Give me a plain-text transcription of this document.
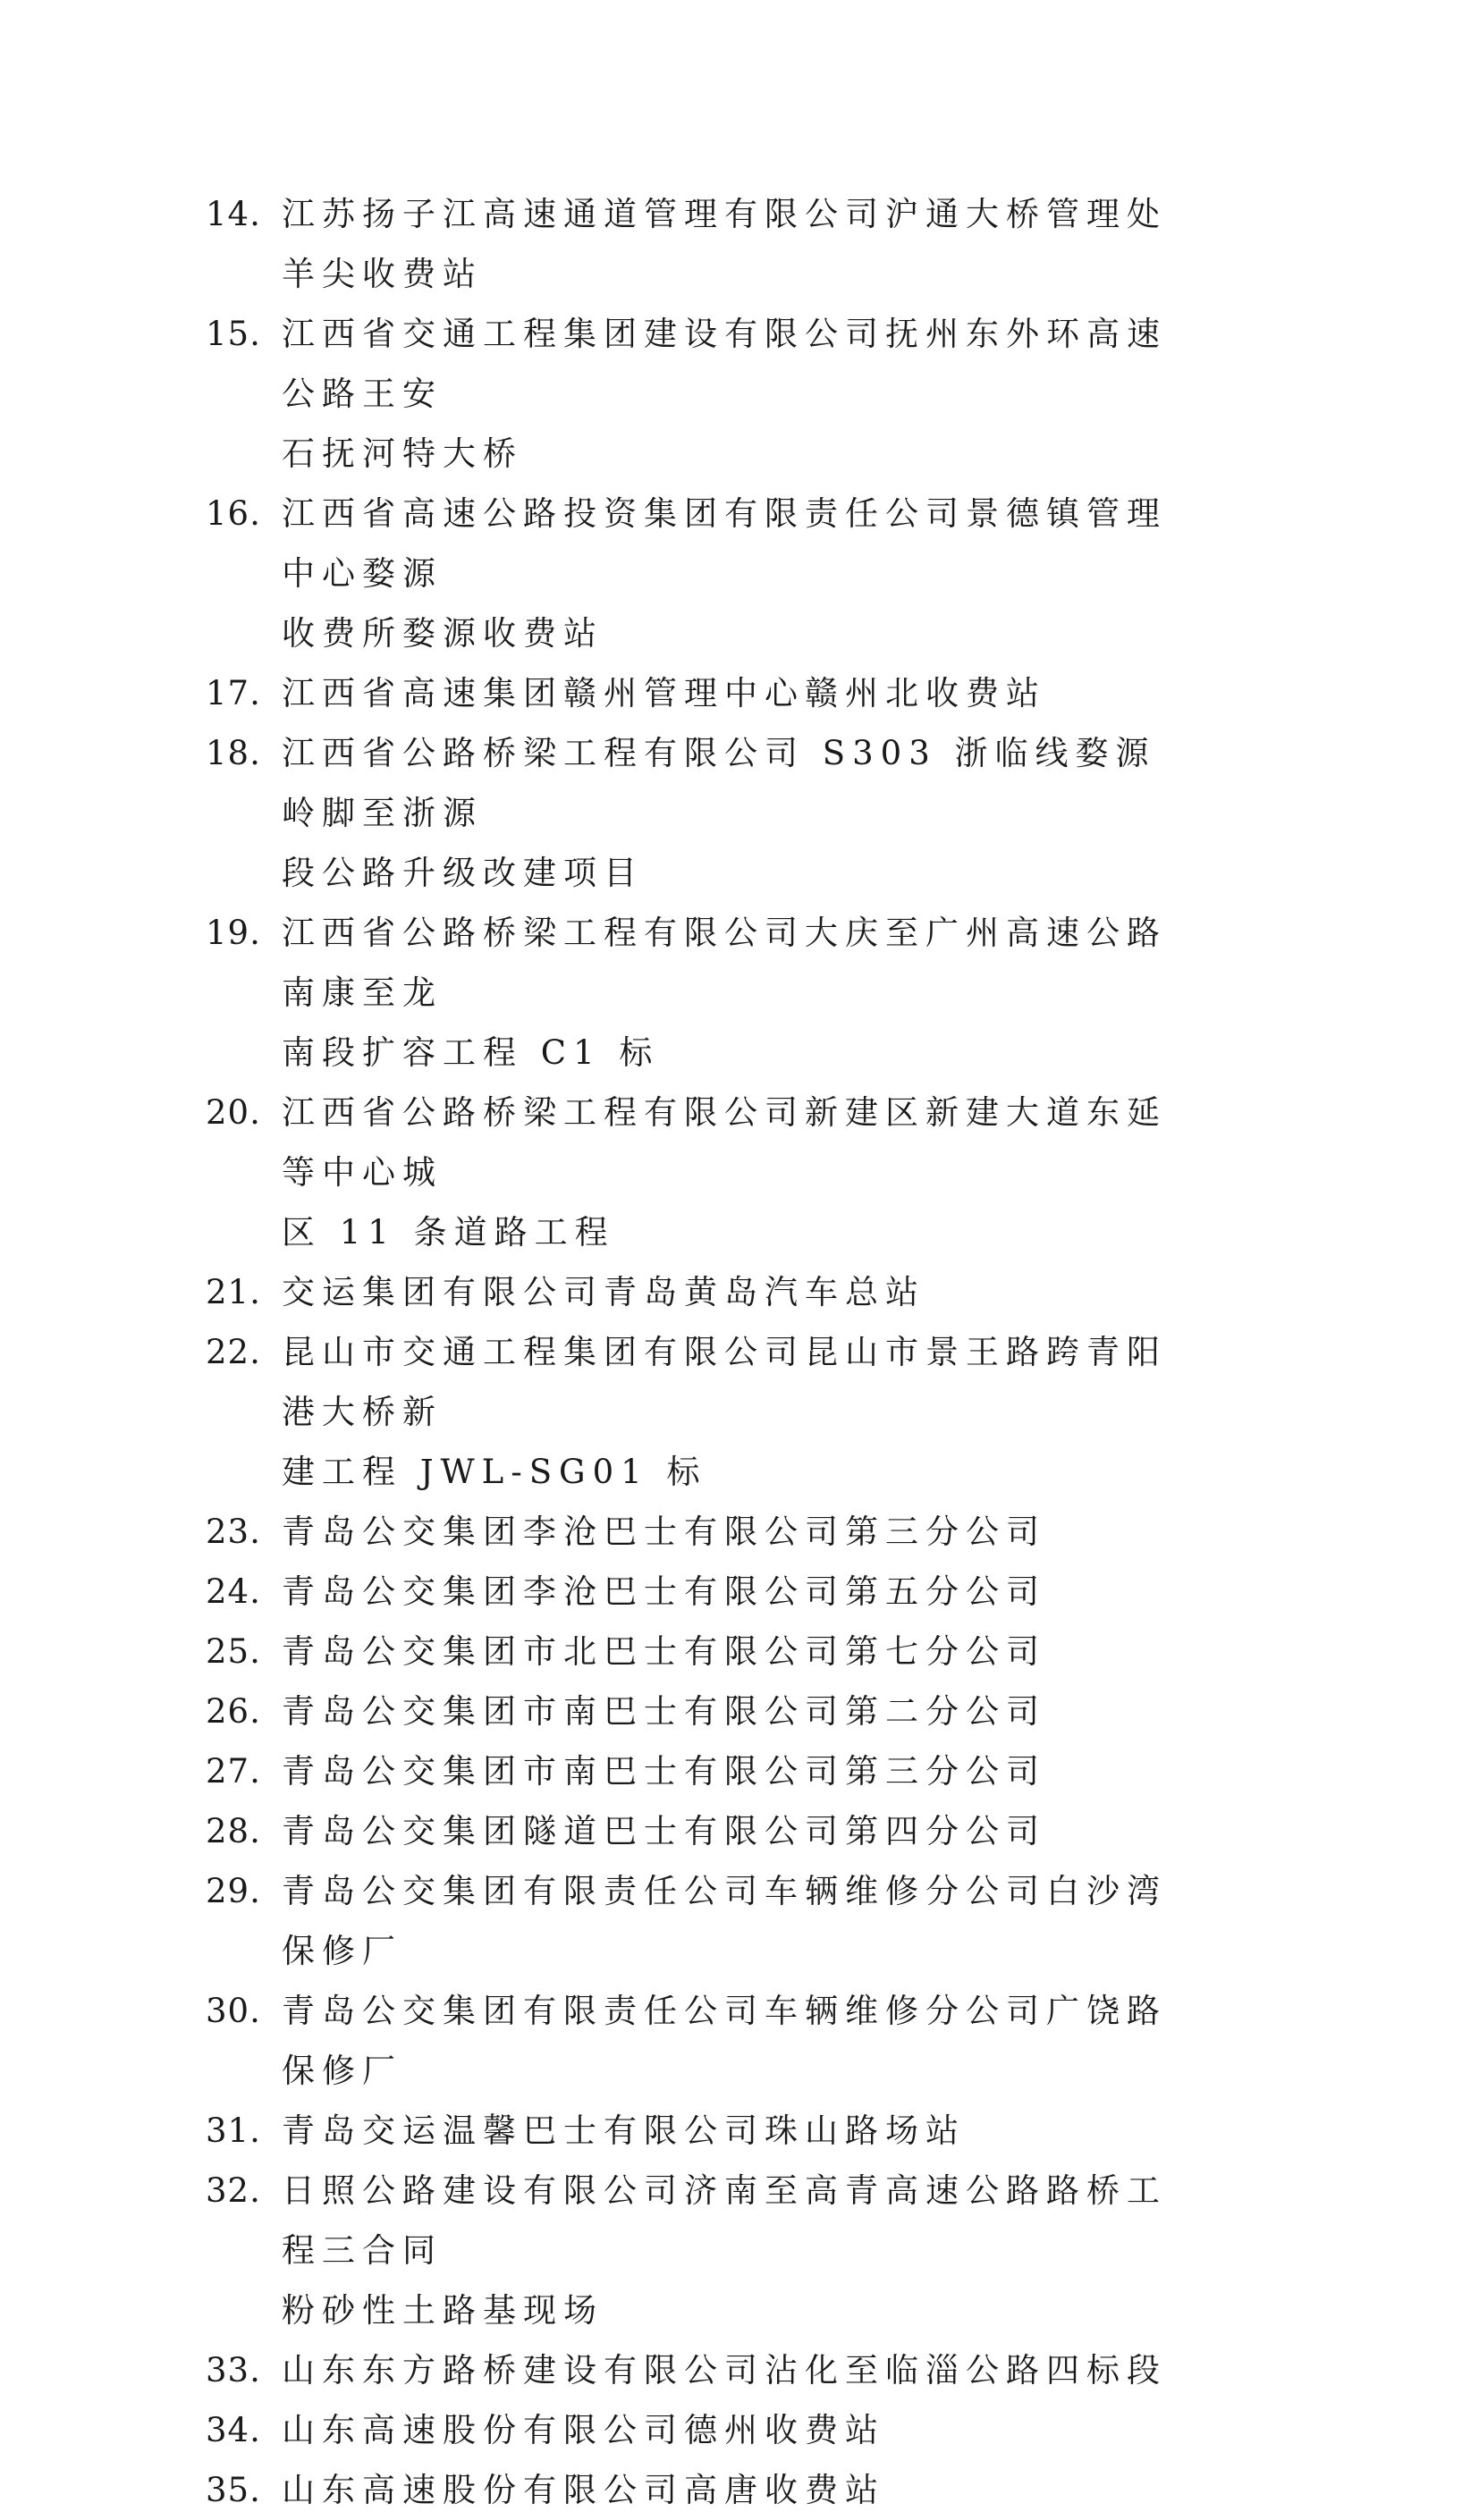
14. 江苏扬子江高速通道管理有限公司沪通大桥管理处羊尖收费站
15. 江西省交通工程集团建设有限公司抚州东外环高速公路王安
石抚河特大桥
16. 江西省高速公路投资集团有限责任公司景德镇管理中心婺源
收费所婺源收费站
17. 江西省高速集团赣州管理中心赣州北收费站
18. 江西省公路桥梁工程有限公司 S303 浙临线婺源岭脚至浙源
段公路升级改建项目
19. 江西省公路桥梁工程有限公司大庆至广州高速公路南康至龙
南段扩容工程 C1 标
20. 江西省公路桥梁工程有限公司新建区新建大道东延等中心城
区 11 条道路工程
21. 交运集团有限公司青岛黄岛汽车总站
22. 昆山市交通工程集团有限公司昆山市景王路跨青阳港大桥新
建工程 JWL-SG01 标
23. 青岛公交集团李沧巴士有限公司第三分公司
24. 青岛公交集团李沧巴士有限公司第五分公司
25. 青岛公交集团市北巴士有限公司第七分公司
26. 青岛公交集团市南巴士有限公司第二分公司
27. 青岛公交集团市南巴士有限公司第三分公司
28. 青岛公交集团隧道巴士有限公司第四分公司
29. 青岛公交集团有限责任公司车辆维修分公司白沙湾保修厂
30. 青岛公交集团有限责任公司车辆维修分公司广饶路保修厂
31. 青岛交运温馨巴士有限公司珠山路场站
32. 日照公路建设有限公司济南至高青高速公路路桥工程三合同
粉砂性土路基现场
33. 山东东方路桥建设有限公司沾化至临淄公路四标段
34. 山东高速股份有限公司德州收费站
35. 山东高速股份有限公司高唐收费站
